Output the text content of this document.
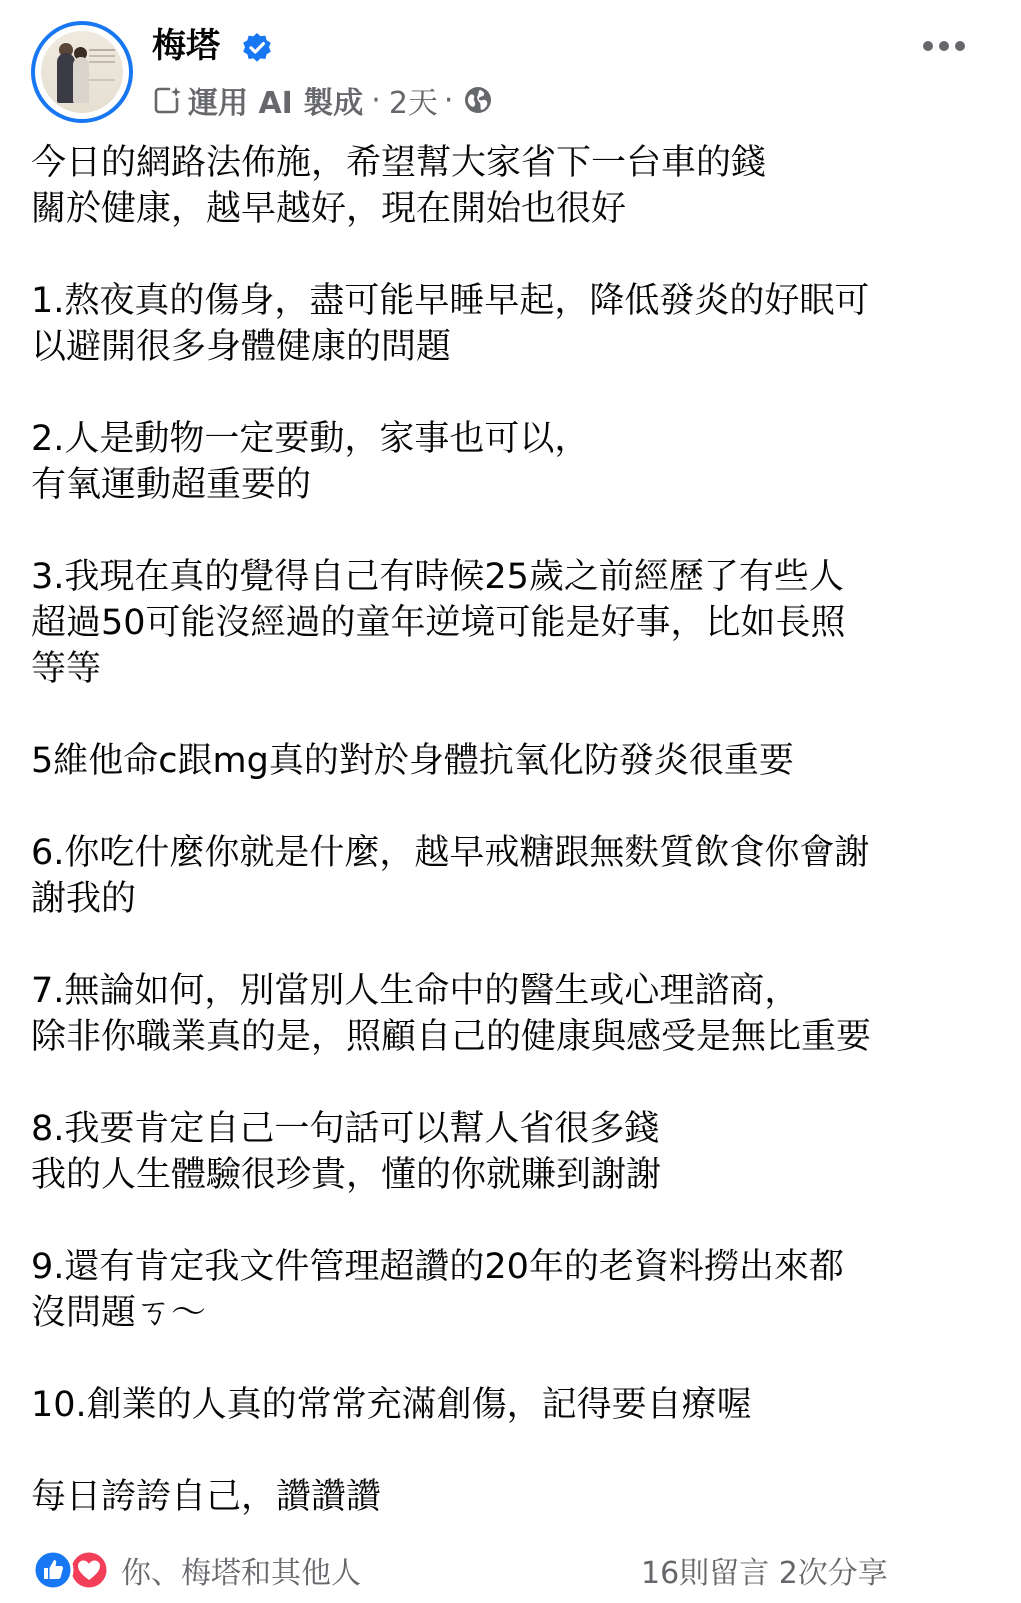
梅塔
運用 AI 製成 · 2天 ·

今日的網路法佈施，希望幫大家省下一台車的錢
關於健康，越早越好，現在開始也很好

1.熬夜真的傷身，盡可能早睡早起，降低發炎的好眠可
以避開很多身體健康的問題

2.人是動物一定要動，家事也可以，
有氧運動超重要的

3.我現在真的覺得自己有時候25歲之前經歷了有些人
超過50可能沒經過的童年逆境可能是好事，比如長照
等等

5維他命c跟mg真的對於身體抗氧化防發炎很重要

6.你吃什麼你就是什麼，越早戒糖跟無麩質飲食你會謝
謝我的

7.無論如何，別當別人生命中的醫生或心理諮商，
除非你職業真的是，照顧自己的健康與感受是無比重要

8.我要肯定自己一句話可以幫人省很多錢
我的人生體驗很珍貴，懂的你就賺到謝謝

9.還有肯定我文件管理超讚的20年的老資料撈出來都
沒問題ㄎ～

10.創業的人真的常常充滿創傷，記得要自療喔

每日誇誇自己，讚讚讚

你、梅塔和其他人	16則留言 2次分享
